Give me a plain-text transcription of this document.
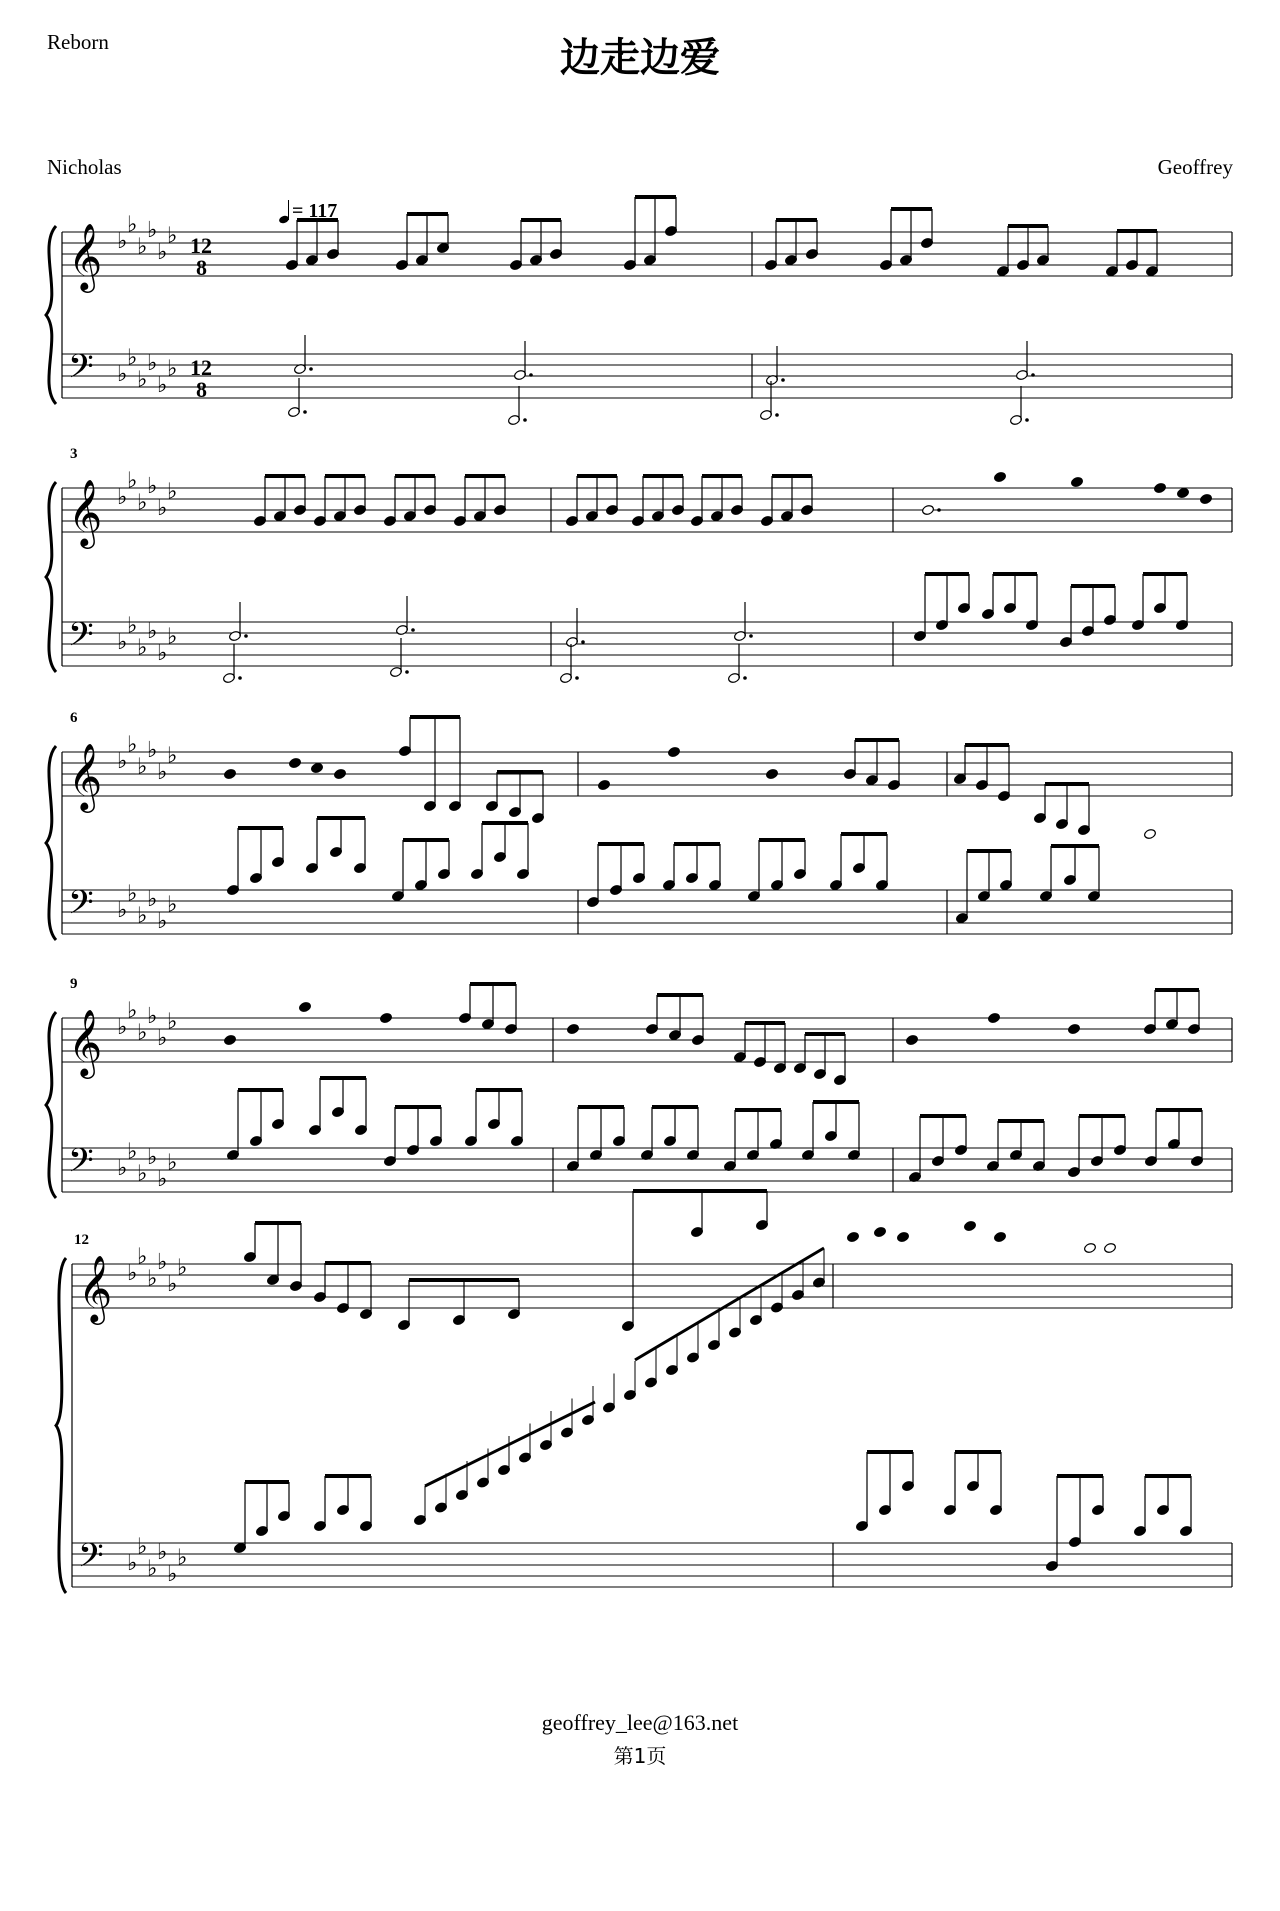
Reborn	边走边爱
Nicholas	Geoffrey
= 117
3
6
9
12
𝄞
𝄢
♭
♭
♭
♭
♭
♭
♭
♭
♭
♭
♭
♭
12
8
12
8
𝄞
𝄢
♭
♭
♭
♭
♭
♭
♭
♭
♭
♭
♭
♭
𝄞
𝄢
♭
♭
♭
♭
♭
♭
♭
♭
♭
♭
♭
♭
𝄞
𝄢
♭
♭
♭
♭
♭
♭
♭
♭
♭
♭
♭
♭
𝄞
𝄢
♭
♭
♭
♭
♭
♭
♭
♭
♭
♭
♭
♭
geoffrey_lee@163.net
第1页
